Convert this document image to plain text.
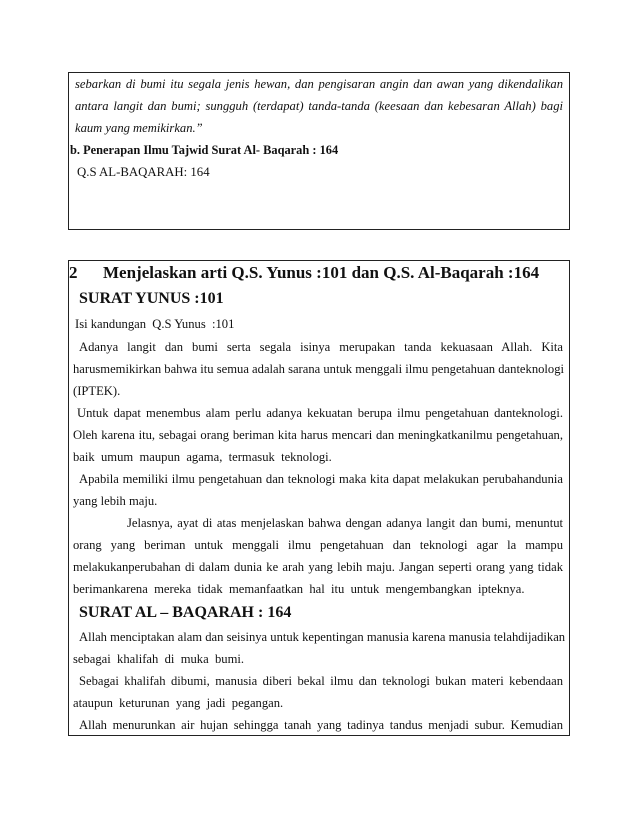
sebarkan di bumi itu segala jenis hewan, dan pengisaran angin dan awan yang dikendalikan
antara langit dan bumi; sungguh (terdapat) tanda-tanda (keesaan dan kebesaran Allah) bagi
kaum yang memikirkan.”
b. Penerapan Ilmu Tajwid Surat Al- Baqarah : 164
Q.S AL-BAQARAH: 164
2      Menjelaskan arti Q.S. Yunus :101 dan Q.S. Al-Baqarah :164
SURAT YUNUS :101
Isi kandungan  Q.S Yunus  :101
Adanya langit dan bumi serta segala isinya merupakan tanda kekuasaan Allah. Kita
harusmemikirkan bahwa itu semua adalah sarana untuk menggali ilmu pengetahuan danteknologi
(IPTEK).
Untuk dapat menembus alam perlu adanya kekuatan berupa ilmu pengetahuan danteknologi.
Oleh karena itu, sebagai orang beriman kita harus mencari dan meningkatkanilmu pengetahuan,
baik  umum  maupun  agama,  termasuk  teknologi.
Apabila memiliki ilmu pengetahuan dan teknologi maka kita dapat melakukan perubahandunia
yang lebih maju.
Jelasnya, ayat di atas menjelaskan bahwa dengan adanya langit dan bumi, menuntut
orang yang beriman untuk menggali ilmu pengetahuan dan teknologi agar la mampu
melakukanperubahan di dalam dunia ke arah yang lebih maju. Jangan seperti orang yang tidak
berimankarena  mereka  tidak  memanfaatkan  hal  itu  untuk  mengembangkan  ipteknya.
SURAT AL – BAQARAH : 164
Allah menciptakan alam dan seisinya untuk kepentingan manusia karena manusia telahdijadikan
sebagai  khalifah  di  muka  bumi.
Sebagai khalifah dibumi, manusia diberi bekal ilmu dan teknologi bukan materi kebendaan
ataupun  keturunan  yang  jadi  pegangan.
Allah menurunkan air hujan sehingga tanah yang tadinya tandus menjadi subur. Kemudian
